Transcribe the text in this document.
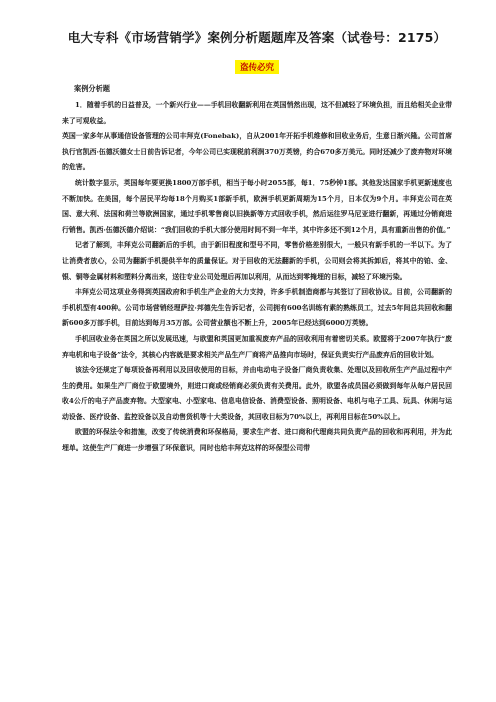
电大专科《市场营销学》案例分析题题库及答案（试卷号：2175）
盗传必究
案例分析题

1．随着手机的日益普及，一个新兴行业——手机回收翻新利用在英国悄然出现，这不但减轻了环境负担，而且给相关企业带来了可观收益。

英国一家多年从事通信设备管理的公司丰拜克(Fonebak)，自从2001年开拓手机维修和回收业务后，生意日渐兴隆。公司首席执行官凯西·伍德沃德女士日前告诉记者，今年公司已实现税前利润370万英镑，约合670多万美元。同时还减少了废弃物对环境的危害。

统计数字显示，英国每年要更换1800万部手机，相当于每小时2055部，每1．75秒钟1部。其他发达国家手机更新速度也不断加快。在美国，每个居民平均每18个月购买1部新手机，欧洲手机更新周期为15个月，日本仅为9个月。丰拜克公司在英国、意大利、法国和荷兰等欧洲国家，通过手机零售商以旧换新等方式回收手机，然后运往罗马尼亚进行翻新，再通过分销商进行销售。凯西·伍德沃德介绍说：“我们回收的手机大部分使用时间不到一年半，其中许多还不到12个月，具有重新出售的价值。”

记者了解到，丰拜克公司翻新后的手机，由于新旧程度和型号不同，零售价格差别很大，一般只有新手机的一半以下。为了让消费者放心，公司为翻新手机提供半年的质量保证。对于回收的无法翻新的手机，公司则会将其拆卸后，将其中的铂、金、银、铜等金属材料和塑料分离出来，送往专业公司处理后再加以利用，从而达到零掩埋的目标，减轻了环境污染。

丰拜克公司这项业务得到英国政府和手机生产企业的大力支持，许多手机制造商都与其签订了回收协议。目前，公司翻新的手机机型有400种。公司市场营销经理萨拉·邦德先生告诉记者，公司拥有600名训练有素的熟练员工，过去5年间总共回收和翻新600多万部手机，目前达到每月35万部。公司营业额也不断上升，2005年已经达到6000万英镑。

手机回收业务在英国之所以发展迅速，与欧盟和英国更加重视废弃产品的回收利用有着密切关系。欧盟将于2007年执行“废弃电机和电子设备”法令，其核心内容就是要求相关产品生产厂商将产品推向市场时，保证负责实行产品废弃后的回收计划。

该法令还规定了每项设备再利用以及回收使用的目标，并由电动电子设备厂商负责收集、处理以及回收所生产产品过程中产生的费用。如果生产厂商位于欧盟境外，则进口商或经销商必须负责有关费用。此外，欧盟各成员国必须做到每年从每户居民回收4公斤的电子产品废弃物。大型家电、小型家电、信息电信设备、消费型设备、照明设备、电机与电子工具、玩具、休闲与运动设备、医疗设备、监控设备以及自动售货机等十大类设备，其回收目标为70%以上，再利用目标在50%以上。

欧盟的环保法令和措施，改变了传统消费和环保格局，要求生产者、进口商和代理商共同负责产品的回收和再利用，并为此埋单。这使生产厂商进一步增强了环保意识，同时也给丰拜克这样的环保型公司带
